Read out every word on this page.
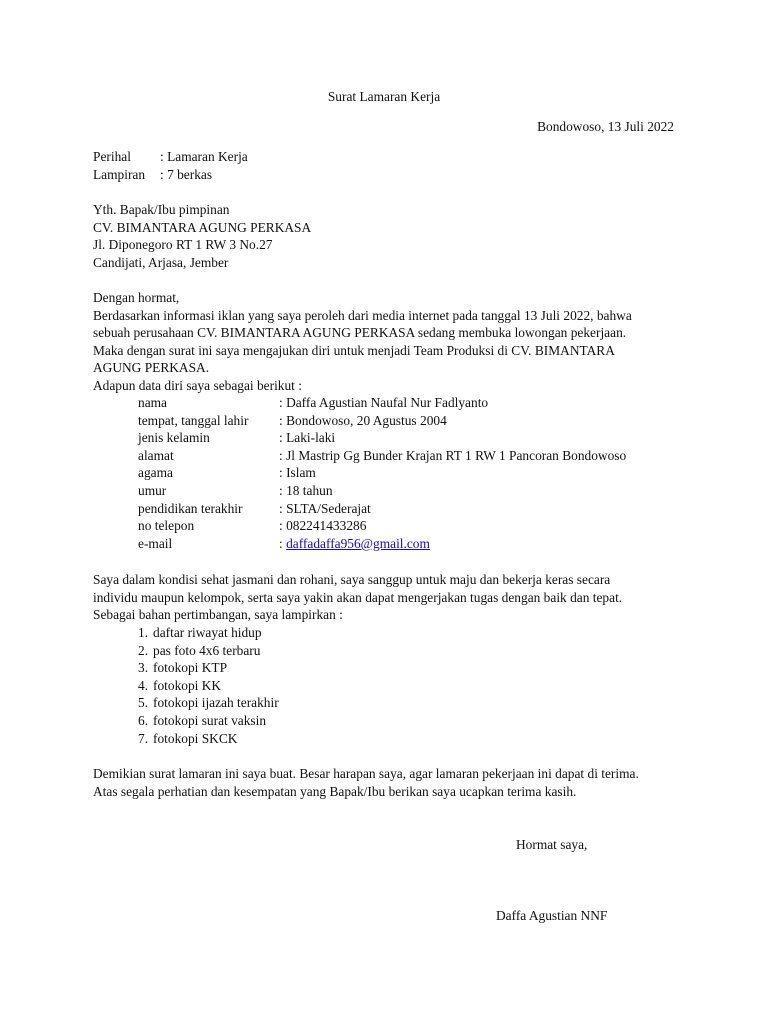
Surat Lamaran Kerja
Bondowoso, 13 Juli 2022
Perihal : Lamaran Kerja
Lampiran : 7 berkas
Yth. Bapak/Ibu pimpinan
CV. BIMANTARA AGUNG PERKASA
Jl. Diponegoro RT 1 RW 3 No.27
Candijati, Arjasa, Jember
Dengan hormat,
Berdasarkan informasi iklan yang saya peroleh dari media internet pada tanggal 13 Juli 2022, bahwa
sebuah perusahaan CV. BIMANTARA AGUNG PERKASA sedang membuka lowongan pekerjaan.
Maka dengan surat ini saya mengajukan diri untuk menjadi Team Produksi di CV. BIMANTARA
AGUNG PERKASA.
Adapun data diri saya sebagai berikut :
nama	: Daffa Agustian Naufal Nur Fadlyanto
tempat, tanggal lahir : Bondowoso, 20 Agustus 2004
jenis kelamin	: Laki-laki
alamat	: Jl Mastrip Gg Bunder Krajan RT 1 RW 1 Pancoran Bondowoso
agama	: Islam
umur	: 18 tahun
pendidikan terakhir	: SLTA/Sederajat
no telepon	: 082241433286
e-mail	: daffadaffa956@gmail.com
Saya dalam kondisi sehat jasmani dan rohani, saya sanggup untuk maju dan bekerja keras secara
individu maupun kelompok, serta saya yakin akan dapat mengerjakan tugas dengan baik dan tepat.
Sebagai bahan pertimbangan, saya lampirkan :
1. daftar riwayat hidup
2. pas foto 4x6 terbaru
3. fotokopi KTP
4. fotokopi KK
5. fotokopi ijazah terakhir
6. fotokopi surat vaksin
7. fotokopi SKCK
Demikian surat lamaran ini saya buat. Besar harapan saya, agar lamaran pekerjaan ini dapat di terima.
Atas segala perhatian dan kesempatan yang Bapak/Ibu berikan saya ucapkan terima kasih.
Hormat saya,
Daffa Agustian NNF
